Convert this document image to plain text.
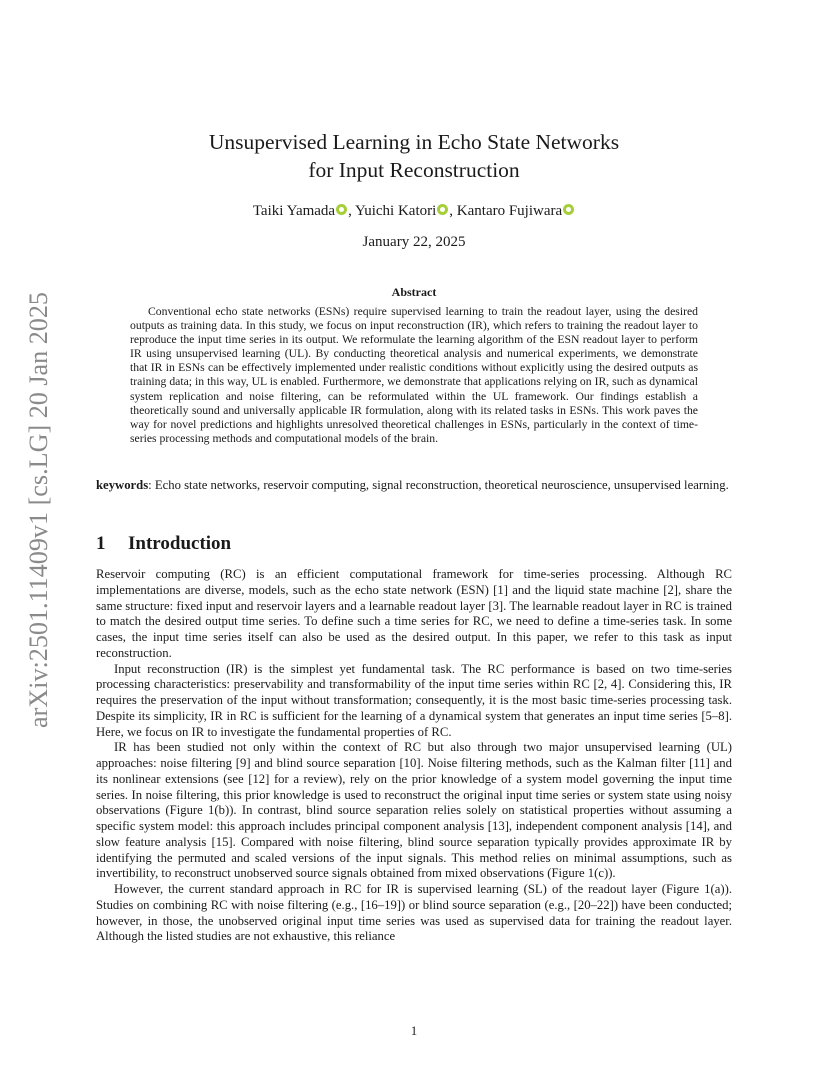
arXiv:2501.11409v1 [cs.LG] 20 Jan 2025
Unsupervised Learning in Echo State Networks
for Input Reconstruction
Taiki Yamada , Yuichi Katori , Kantaro Fujiwara
January 22, 2025
Abstract

Conventional echo state networks (ESNs) require supervised learning to train the readout layer, using the desired outputs as training data. In this study, we focus on input reconstruction (IR), which refers to training the readout layer to reproduce the input time series in its output. We reformulate the learning algorithm of the ESN readout layer to perform IR using unsupervised learning (UL). By conducting theoretical analysis and numerical experiments, we demonstrate that IR in ESNs can be effectively implemented under realistic conditions without explicitly using the desired outputs as training data; in this way, UL is enabled. Furthermore, we demonstrate that applications relying on IR, such as dynamical system replication and noise filtering, can be reformulated within the UL framework. Our findings establish a theoretically sound and universally applicable IR formulation, along with its related tasks in ESNs. This work paves the way for novel predictions and highlights unresolved theoretical challenges in ESNs, particularly in the context of time-series processing methods and computational models of the brain.

keywords: Echo state networks, reservoir computing, signal reconstruction, theoretical neuroscience, unsupervised learning.

1 Introduction

Reservoir computing (RC) is an efficient computational framework for time-series processing. Although RC implementations are diverse, models, such as the echo state network (ESN) [1] and the liquid state machine [2], share the same structure: fixed input and reservoir layers and a learnable readout layer [3]. The learnable readout layer in RC is trained to match the desired output time series. To define such a time series for RC, we need to define a time-series task. In some cases, the input time series itself can also be used as the desired output. In this paper, we refer to this task as input reconstruction.

Input reconstruction (IR) is the simplest yet fundamental task. The RC performance is based on two time-series processing characteristics: preservability and transformability of the input time series within RC [2, 4]. Considering this, IR requires the preservation of the input without transformation; consequently, it is the most basic time-series processing task. Despite its simplicity, IR in RC is sufficient for the learning of a dynamical system that generates an input time series [5–8]. Here, we focus on IR to investigate the fundamental properties of RC.

IR has been studied not only within the context of RC but also through two major unsupervised learning (UL) approaches: noise filtering [9] and blind source separation [10]. Noise filtering methods, such as the Kalman filter [11] and its nonlinear extensions (see [12] for a review), rely on the prior knowledge of a system model governing the input time series. In noise filtering, this prior knowledge is used to reconstruct the original input time series or system state using noisy observations (Figure 1(b)). In contrast, blind source separation relies solely on statistical properties without assuming a specific system model: this approach includes principal component analysis [13], independent component analysis [14], and slow feature analysis [15]. Compared with noise filtering, blind source separation typically provides approximate IR by identifying the permuted and scaled versions of the input signals. This method relies on minimal assumptions, such as invertibility, to reconstruct unobserved source signals obtained from mixed observations (Figure 1(c)).

However, the current standard approach in RC for IR is supervised learning (SL) of the readout layer (Figure 1(a)). Studies on combining RC with noise filtering (e.g., [16–19]) or blind source separation (e.g., [20–22]) have been conducted; however, in those, the unobserved original input time series was used as supervised data for training the readout layer. Although the listed studies are not exhaustive, this reliance

1
